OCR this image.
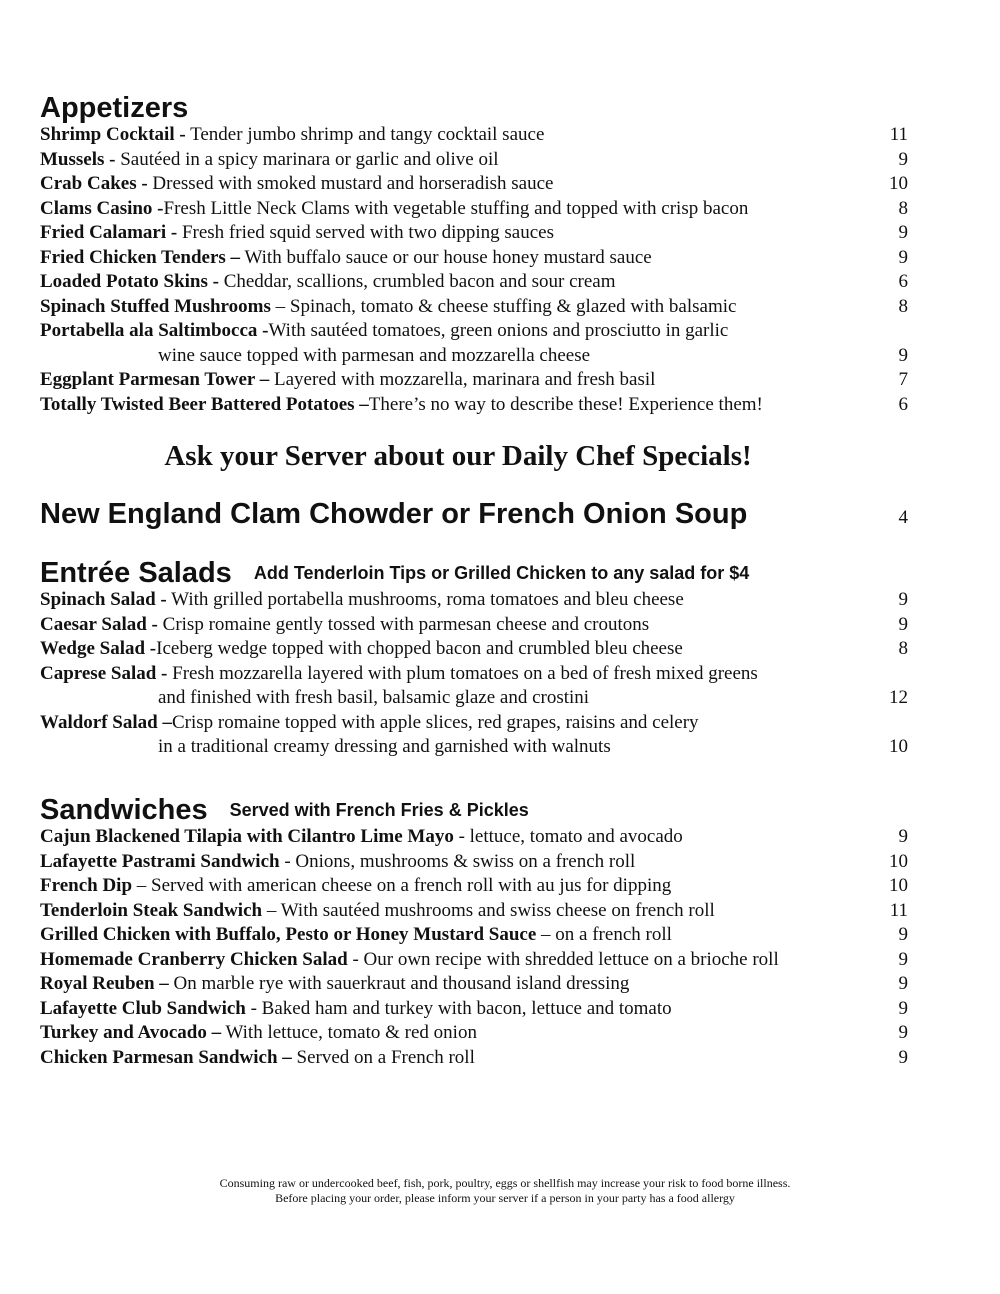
Appetizers
Shrimp Cocktail - Tender jumbo shrimp and tangy cocktail sauce	11
Mussels - Sautéed in a spicy marinara or garlic and olive oil	9
Crab Cakes - Dressed with smoked mustard and horseradish sauce	10
Clams Casino -Fresh Little Neck Clams with vegetable stuffing and topped with crisp bacon	8
Fried Calamari - Fresh fried squid served with two dipping sauces	9
Fried Chicken Tenders – With buffalo sauce or our house honey mustard sauce	9
Loaded Potato Skins - Cheddar, scallions, crumbled bacon and sour cream	6
Spinach Stuffed Mushrooms – Spinach, tomato & cheese stuffing & glazed with balsamic	8
Portabella ala Saltimbocca -With sautéed tomatoes, green onions and prosciutto in garlic
wine sauce topped with parmesan and mozzarella cheese	9
Eggplant Parmesan Tower – Layered with mozzarella, marinara and fresh basil	7
Totally Twisted Beer Battered Potatoes –There’s no way to describe these! Experience them!	6
Ask your Server about our Daily Chef Specials!
New England Clam Chowder or French Onion Soup	4
Entrée Salads Add Tenderloin Tips or Grilled Chicken to any salad for $4
Spinach Salad - With grilled portabella mushrooms, roma tomatoes and bleu cheese	9
Caesar Salad - Crisp romaine gently tossed with parmesan cheese and croutons	9
Wedge Salad -Iceberg wedge topped with chopped bacon and crumbled bleu cheese	8
Caprese Salad - Fresh mozzarella layered with plum tomatoes on a bed of fresh mixed greens
and finished with fresh basil, balsamic glaze and crostini	12
Waldorf Salad –Crisp romaine topped with apple slices, red grapes, raisins and celery
in a traditional creamy dressing and garnished with walnuts	10
Sandwiches Served with French Fries & Pickles
Cajun Blackened Tilapia with Cilantro Lime Mayo - lettuce, tomato and avocado	9
Lafayette Pastrami Sandwich - Onions, mushrooms & swiss on a french roll	10
French Dip – Served with american cheese on a french roll with au jus for dipping	10
Tenderloin Steak Sandwich – With sautéed mushrooms and swiss cheese on french roll	11
Grilled Chicken with Buffalo, Pesto or Honey Mustard Sauce – on a french roll	9
Homemade Cranberry Chicken Salad - Our own recipe with shredded lettuce on a brioche roll	9
Royal Reuben – On marble rye with sauerkraut and thousand island dressing	9
Lafayette Club Sandwich - Baked ham and turkey with bacon, lettuce and tomato	9
Turkey and Avocado – With lettuce, tomato & red onion	9
Chicken Parmesan Sandwich – Served on a French roll	9
Consuming raw or undercooked beef, fish, pork, poultry, eggs or shellfish may increase your risk to food borne illness.
Before placing your order, please inform your server if a person in your party has a food allergy
